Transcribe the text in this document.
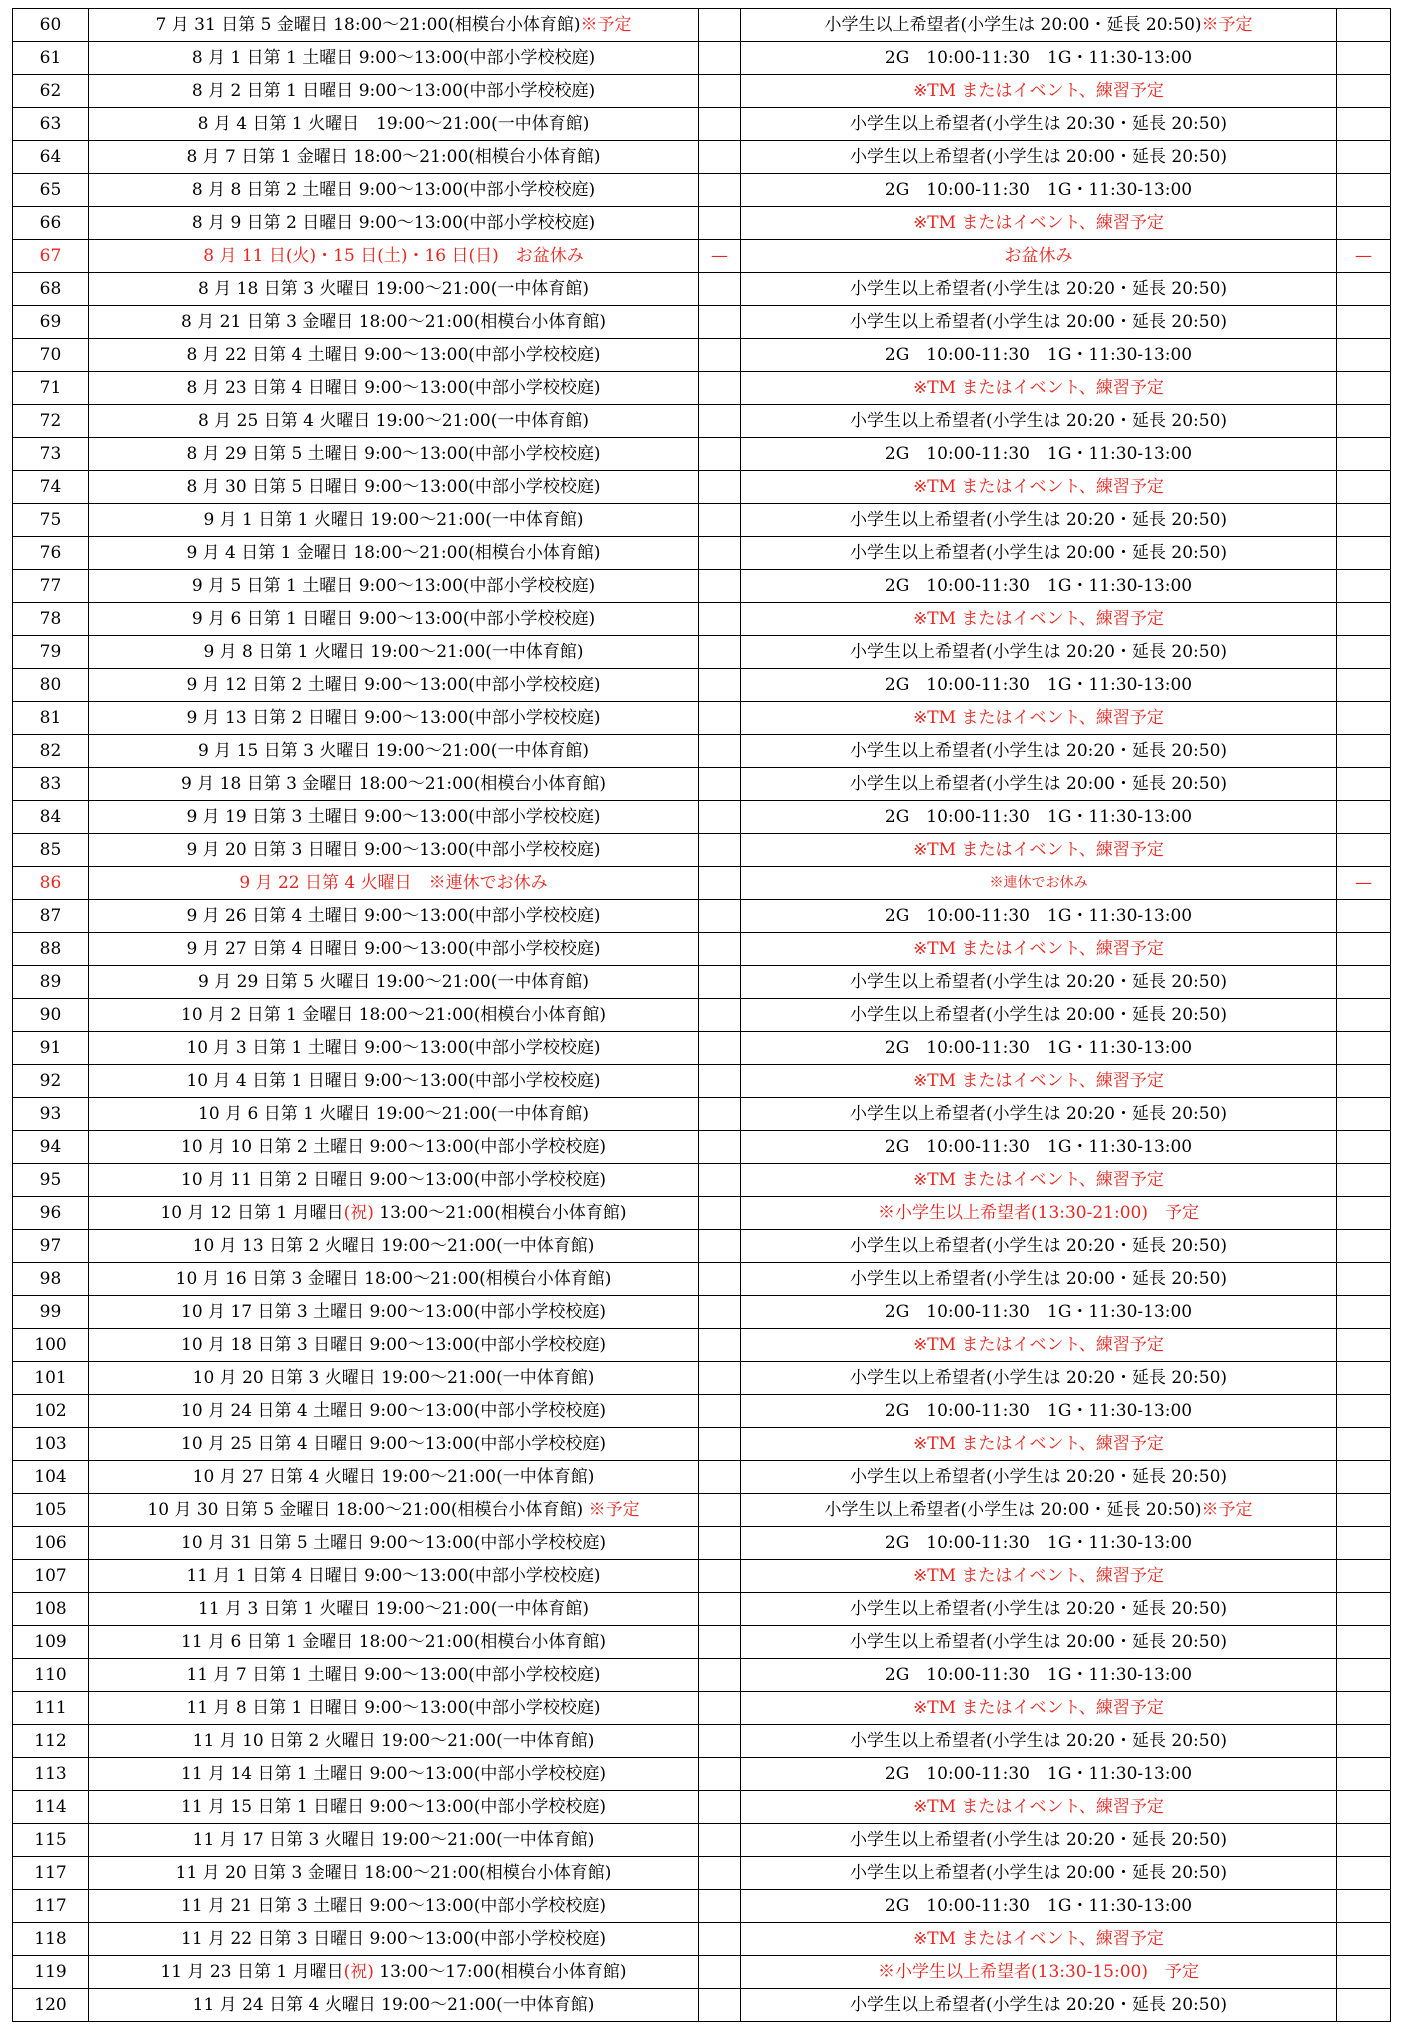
60	7 月 31 日第 5 金曜日 18:00〜21:00(相模台小体育館)※予定		小学生以上希望者(小学生は 20:00・延長 20:50)※予定	
61	8 月 1 日第 1 土曜日 9:00〜13:00(中部小学校校庭)		2G　10:00-11:30　1G・11:30-13:00	
62	8 月 2 日第 1 日曜日 9:00〜13:00(中部小学校校庭)		※TM またはイベント、練習予定	
63	8 月 4 日第 1 火曜日　19:00〜21:00(一中体育館)		小学生以上希望者(小学生は 20:30・延長 20:50)	
64	8 月 7 日第 1 金曜日 18:00〜21:00(相模台小体育館)		小学生以上希望者(小学生は 20:00・延長 20:50)	
65	8 月 8 日第 2 土曜日 9:00〜13:00(中部小学校校庭)		2G　10:00-11:30　1G・11:30-13:00	
66	8 月 9 日第 2 日曜日 9:00〜13:00(中部小学校校庭)		※TM またはイベント、練習予定	
67	8 月 11 日(火)・15 日(土)・16 日(日)　お盆休み	—	お盆休み	—
68	8 月 18 日第 3 火曜日 19:00〜21:00(一中体育館)		小学生以上希望者(小学生は 20:20・延長 20:50)	
69	8 月 21 日第 3 金曜日 18:00〜21:00(相模台小体育館)		小学生以上希望者(小学生は 20:00・延長 20:50)	
70	8 月 22 日第 4 土曜日 9:00〜13:00(中部小学校校庭)		2G　10:00-11:30　1G・11:30-13:00	
71	8 月 23 日第 4 日曜日 9:00〜13:00(中部小学校校庭)		※TM またはイベント、練習予定	
72	8 月 25 日第 4 火曜日 19:00〜21:00(一中体育館)		小学生以上希望者(小学生は 20:20・延長 20:50)	
73	8 月 29 日第 5 土曜日 9:00〜13:00(中部小学校校庭)		2G　10:00-11:30　1G・11:30-13:00	
74	8 月 30 日第 5 日曜日 9:00〜13:00(中部小学校校庭)		※TM またはイベント、練習予定	
75	9 月 1 日第 1 火曜日 19:00〜21:00(一中体育館)		小学生以上希望者(小学生は 20:20・延長 20:50)	
76	9 月 4 日第 1 金曜日 18:00〜21:00(相模台小体育館)		小学生以上希望者(小学生は 20:00・延長 20:50)	
77	9 月 5 日第 1 土曜日 9:00〜13:00(中部小学校校庭)		2G　10:00-11:30　1G・11:30-13:00	
78	9 月 6 日第 1 日曜日 9:00〜13:00(中部小学校校庭)		※TM またはイベント、練習予定	
79	9 月 8 日第 1 火曜日 19:00〜21:00(一中体育館)		小学生以上希望者(小学生は 20:20・延長 20:50)	
80	9 月 12 日第 2 土曜日 9:00〜13:00(中部小学校校庭)		2G　10:00-11:30　1G・11:30-13:00	
81	9 月 13 日第 2 日曜日 9:00〜13:00(中部小学校校庭)		※TM またはイベント、練習予定	
82	9 月 15 日第 3 火曜日 19:00〜21:00(一中体育館)		小学生以上希望者(小学生は 20:20・延長 20:50)	
83	9 月 18 日第 3 金曜日 18:00〜21:00(相模台小体育館)		小学生以上希望者(小学生は 20:00・延長 20:50)	
84	9 月 19 日第 3 土曜日 9:00〜13:00(中部小学校校庭)		2G　10:00-11:30　1G・11:30-13:00	
85	9 月 20 日第 3 日曜日 9:00〜13:00(中部小学校校庭)		※TM またはイベント、練習予定	
86	9 月 22 日第 4 火曜日　※連休でお休み		※連休でお休み	—
87	9 月 26 日第 4 土曜日 9:00〜13:00(中部小学校校庭)		2G　10:00-11:30　1G・11:30-13:00	
88	9 月 27 日第 4 日曜日 9:00〜13:00(中部小学校校庭)		※TM またはイベント、練習予定	
89	9 月 29 日第 5 火曜日 19:00〜21:00(一中体育館)		小学生以上希望者(小学生は 20:20・延長 20:50)	
90	10 月 2 日第 1 金曜日 18:00〜21:00(相模台小体育館)		小学生以上希望者(小学生は 20:00・延長 20:50)	
91	10 月 3 日第 1 土曜日 9:00〜13:00(中部小学校校庭)		2G　10:00-11:30　1G・11:30-13:00	
92	10 月 4 日第 1 日曜日 9:00〜13:00(中部小学校校庭)		※TM またはイベント、練習予定	
93	10 月 6 日第 1 火曜日 19:00〜21:00(一中体育館)		小学生以上希望者(小学生は 20:20・延長 20:50)	
94	10 月 10 日第 2 土曜日 9:00〜13:00(中部小学校校庭)		2G　10:00-11:30　1G・11:30-13:00	
95	10 月 11 日第 2 日曜日 9:00〜13:00(中部小学校校庭)		※TM またはイベント、練習予定	
96	10 月 12 日第 1 月曜日(祝) 13:00〜21:00(相模台小体育館)		※小学生以上希望者(13:30-21:00)　予定	
97	10 月 13 日第 2 火曜日 19:00〜21:00(一中体育館)		小学生以上希望者(小学生は 20:20・延長 20:50)	
98	10 月 16 日第 3 金曜日 18:00〜21:00(相模台小体育館)		小学生以上希望者(小学生は 20:00・延長 20:50)	
99	10 月 17 日第 3 土曜日 9:00〜13:00(中部小学校校庭)		2G　10:00-11:30　1G・11:30-13:00	
100	10 月 18 日第 3 日曜日 9:00〜13:00(中部小学校校庭)		※TM またはイベント、練習予定	
101	10 月 20 日第 3 火曜日 19:00〜21:00(一中体育館)		小学生以上希望者(小学生は 20:20・延長 20:50)	
102	10 月 24 日第 4 土曜日 9:00〜13:00(中部小学校校庭)		2G　10:00-11:30　1G・11:30-13:00	
103	10 月 25 日第 4 日曜日 9:00〜13:00(中部小学校校庭)		※TM またはイベント、練習予定	
104	10 月 27 日第 4 火曜日 19:00〜21:00(一中体育館)		小学生以上希望者(小学生は 20:20・延長 20:50)	
105	10 月 30 日第 5 金曜日 18:00〜21:00(相模台小体育館) ※予定		小学生以上希望者(小学生は 20:00・延長 20:50)※予定	
106	10 月 31 日第 5 土曜日 9:00〜13:00(中部小学校校庭)		2G　10:00-11:30　1G・11:30-13:00	
107	11 月 1 日第 4 日曜日 9:00〜13:00(中部小学校校庭)		※TM またはイベント、練習予定	
108	11 月 3 日第 1 火曜日 19:00〜21:00(一中体育館)		小学生以上希望者(小学生は 20:20・延長 20:50)	
109	11 月 6 日第 1 金曜日 18:00〜21:00(相模台小体育館)		小学生以上希望者(小学生は 20:00・延長 20:50)	
110	11 月 7 日第 1 土曜日 9:00〜13:00(中部小学校校庭)		2G　10:00-11:30　1G・11:30-13:00	
111	11 月 8 日第 1 日曜日 9:00〜13:00(中部小学校校庭)		※TM またはイベント、練習予定	
112	11 月 10 日第 2 火曜日 19:00〜21:00(一中体育館)		小学生以上希望者(小学生は 20:20・延長 20:50)	
113	11 月 14 日第 1 土曜日 9:00〜13:00(中部小学校校庭)		2G　10:00-11:30　1G・11:30-13:00	
114	11 月 15 日第 1 日曜日 9:00〜13:00(中部小学校校庭)		※TM またはイベント、練習予定	
115	11 月 17 日第 3 火曜日 19:00〜21:00(一中体育館)		小学生以上希望者(小学生は 20:20・延長 20:50)	
117	11 月 20 日第 3 金曜日 18:00〜21:00(相模台小体育館)		小学生以上希望者(小学生は 20:00・延長 20:50)	
117	11 月 21 日第 3 土曜日 9:00〜13:00(中部小学校校庭)		2G　10:00-11:30　1G・11:30-13:00	
118	11 月 22 日第 3 日曜日 9:00〜13:00(中部小学校校庭)		※TM またはイベント、練習予定	
119	11 月 23 日第 1 月曜日(祝) 13:00〜17:00(相模台小体育館)		※小学生以上希望者(13:30-15:00)　予定	
120	11 月 24 日第 4 火曜日 19:00〜21:00(一中体育館)		小学生以上希望者(小学生は 20:20・延長 20:50)	
